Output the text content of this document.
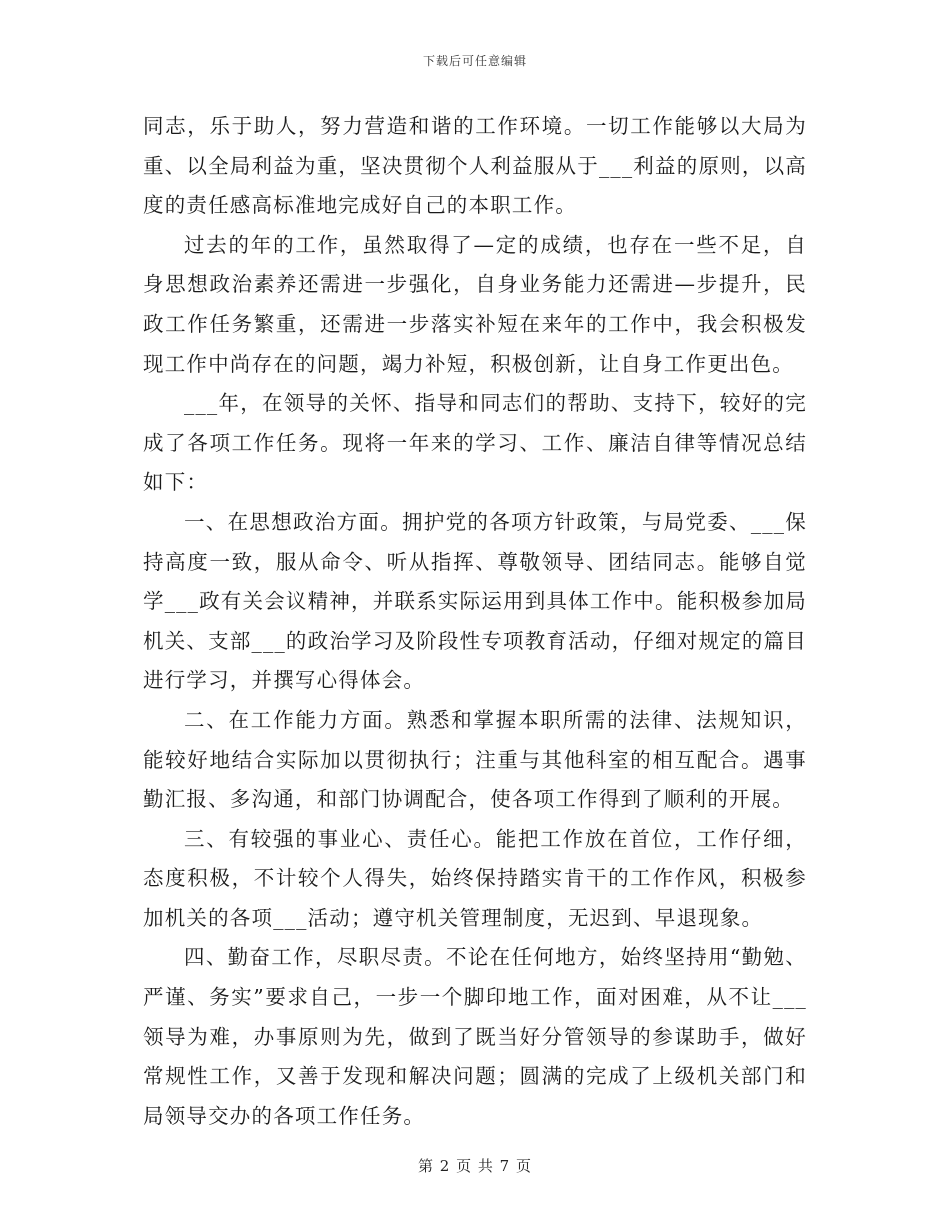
下载后可任意编辑

同志，乐于助人，努力营造和谐的工作环境。一切工作能够以大局为重、以全局利益为重，坚决贯彻个人利益服从于___利益的原则，以高度的责任感高标准地完成好自己的本职工作。

过去的年的工作，虽然取得了—定的成绩，也存在一些不足，自身思想政治素养还需进一步强化，自身业务能力还需进—步提升，民政工作任务繁重，还需进一步落实补短在来年的工作中，我会积极发现工作中尚存在的问题，竭力补短，积极创新，让自身工作更出色。

___年，在领导的关怀、指导和同志们的帮助、支持下，较好的完成了各项工作任务。现将一年来的学习、工作、廉洁自律等情况总结如下：

一、在思想政治方面。拥护党的各项方针政策，与局党委、___保持高度一致，服从命令、听从指挥、尊敬领导、团结同志。能够自觉学___政有关会议精神，并联系实际运用到具体工作中。能积极参加局机关、支部___的政治学习及阶段性专项教育活动，仔细对规定的篇目进行学习，并撰写心得体会。

二、在工作能力方面。熟悉和掌握本职所需的法律、法规知识，能较好地结合实际加以贯彻执行；注重与其他科室的相互配合。遇事勤汇报、多沟通，和部门协调配合，使各项工作得到了顺利的开展。

三、有较强的事业心、责任心。能把工作放在首位，工作仔细，态度积极，不计较个人得失，始终保持踏实肯干的工作作风，积极参加机关的各项___活动；遵守机关管理制度，无迟到、早退现象。

四、勤奋工作，尽职尽责。不论在任何地方，始终坚持用“勤勉、严谨、务实”要求自己，一步一个脚印地工作，面对困难，从不让___领导为难，办事原则为先，做到了既当好分管领导的参谋助手，做好常规性工作，又善于发现和解决问题；圆满的完成了上级机关部门和局领导交办的各项工作任务。

第 2 页 共 7 页
